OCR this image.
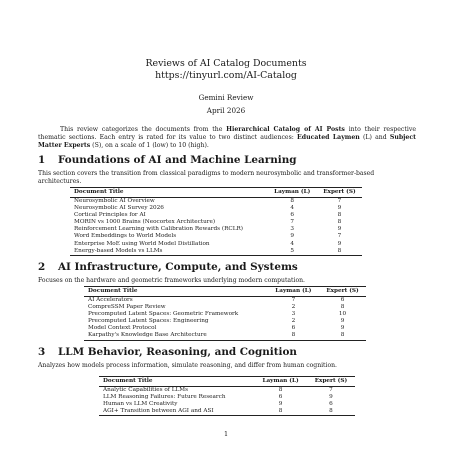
Reviews of AI Catalog Documents
https://tinyurl.com/AI-Catalog
Gemini Review
April 2026
This review categorizes the documents from the Hierarchical Catalog of AI Posts into their respective thematic sections. Each entry is rated for its value to two distinct audiences: Educated Laymen (L) and Subject Matter Experts (S), on a scale of 1 (low) to 10 (high).
1 Foundations of AI and Machine Learning
This section covers the transition from classical paradigms to modern neurosymbolic and transformer-based architectures.
Document Title	Layman (L)	Expert (S)
Neurosymbolic AI Overview	8	7
Neurosymbolic AI Survey 2026	4	9
Cortical Principles for AI	6	8
MORIN vs 1000 Brains (Neocortex Architecture)	7	8
Reinforcement Learning with Calibration Rewards (RCLR)	3	9
Word Embeddings to World Models	9	7
Enterprise MoE using World Model Distillation	4	9
Energy-based Models vs LLMs	5	8
2 AI Infrastructure, Compute, and Systems
Focuses on the hardware and geometric frameworks underlying modern computation.
Document Title	Layman (L)	Expert (S)
AI Accelerators	7	6
CompreSSM Paper Review	2	8
Precomputed Latent Spaces: Geometric Framework	3	10
Precomputed Latent Spaces: Engineering	2	9
Model Context Protocol	6	9
Karpathy's Knowledge Base Architecture	8	8
3 LLM Behavior, Reasoning, and Cognition
Analyzes how models process information, simulate reasoning, and differ from human cognition.
Document Title	Layman (L)	Expert (S)
Analytic Capabilities of LLMs	8	7
LLM Reasoning Failures: Future Research	6	9
Human vs LLM Creativity	9	6
AGI+ Transition between AGI and ASI	8	8
1
